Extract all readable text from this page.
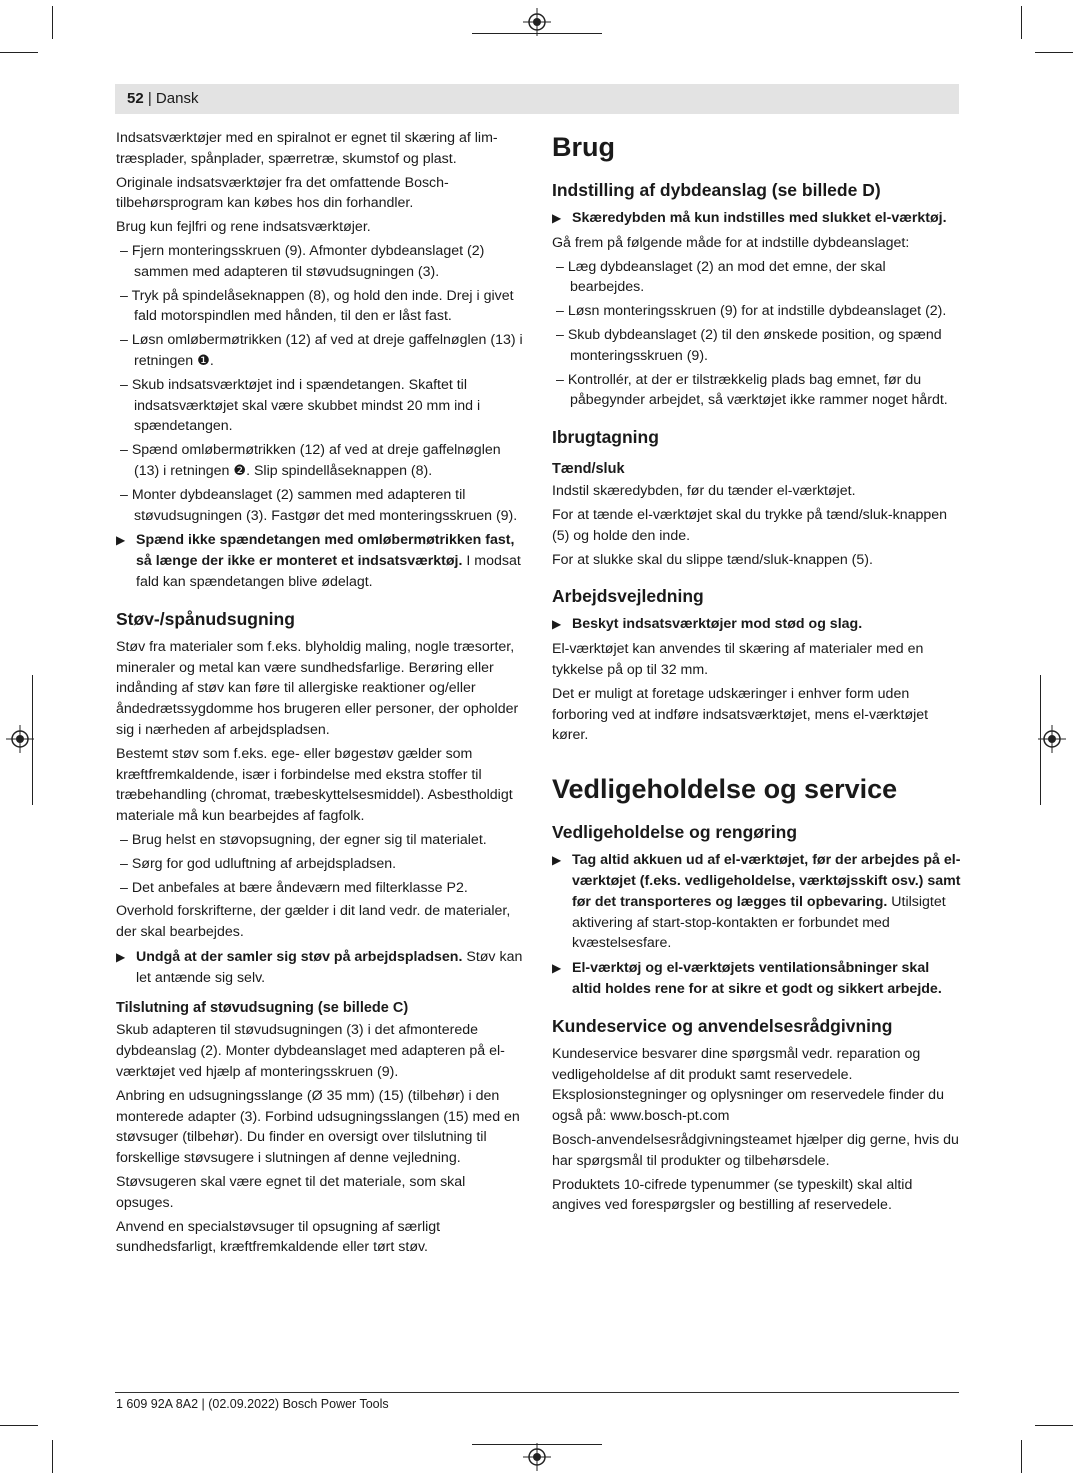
52 | Dansk

Indsatsværktøjer med en spiralnot er egnet til skæring af lim-træsplader, spånplader, spærretræ, skumstof og plast.

Originale indsatsværktøjer fra det omfattende Bosch-tilbehørsprogram kan købes hos din forhandler.

Brug kun fejlfri og rene indsatsværktøjer.

– Fjern monteringsskruen (9). Afmonter dybdeanslaget (2) sammen med adapteren til støvudsugningen (3).
– Tryk på spindelåseknappen (8), og hold den inde. Drej i givet fald motorspindlen med hånden, til den er låst fast.
– Løsn omløbermøtrikken (12) af ved at dreje gaffelnøglen (13) i retningen ❶.
– Skub indsatsværktøjet ind i spændetangen. Skaftet til indsatsværktøjet skal være skubbet mindst 20 mm ind i spændetangen.
– Spænd omløbermøtrikken (12) af ved at dreje gaffelnøglen (13) i retningen ❷. Slip spindellåseknappen (8).
– Monter dybdeanslaget (2) sammen med adapteren til støvudsugningen (3). Fastgør det med monteringsskruen (9).
▶ Spænd ikke spændetangen med omløbermøtrikken fast, så længe der ikke er monteret et indsatsværktøj. I modsat fald kan spændetangen blive ødelagt.
Støv-/spånudsugning

Støv fra materialer som f.eks. blyholdig maling, nogle træsorter, mineraler og metal kan være sundhedsfarlige. Berøring eller indånding af støv kan føre til allergiske reaktioner og/eller åndedrætssygdomme hos brugeren eller personer, der opholder sig i nærheden af arbejdspladsen.

Bestemt støv som f.eks. ege- eller bøgestøv gælder som kræftfremkaldende, især i forbindelse med ekstra stoffer til træbehandling (chromat, træbeskyttelsesmiddel). Asbestholdigt materiale må kun bearbejdes af fagfolk.

– Brug helst en støvopsugning, der egner sig til materialet.
– Sørg for god udluftning af arbejdspladsen.
– Det anbefales at bære åndeværn med filterklasse P2.

Overhold forskrifterne, der gælder i dit land vedr. de materialer, der skal bearbejdes.

▶ Undgå at der samler sig støv på arbejdspladsen. Støv kan let antænde sig selv.
Tilslutning af støvudsugning (se billede C)

Skub adapteren til støvudsugningen (3) i det afmonterede dybdeanslag (2). Monter dybdeanslaget med adapteren på el-værktøjet ved hjælp af monteringsskruen (9).

Anbring en udsugningsslange (Ø 35 mm) (15) (tilbehør) i den monterede adapter (3). Forbind udsugningsslangen (15) med en støvsuger (tilbehør). Du finder en oversigt over tilslutning til forskellige støvsugere i slutningen af denne vejledning.

Støvsugeren skal være egnet til det materiale, som skal opsuges.

Anvend en specialstøvsuger til opsugning af særligt sundhedsfarligt, kræftfremkaldende eller tørt støv.

Brug
Indstilling af dybdeanslag (se billede D)
▶ Skæredybden må kun indstilles med slukket el-værktøj.

Gå frem på følgende måde for at indstille dybdeanslaget:

– Læg dybdeanslaget (2) an mod det emne, der skal bearbejdes.
– Løsn monteringsskruen (9) for at indstille dybdeanslaget (2).
– Skub dybdeanslaget (2) til den ønskede position, og spænd monteringsskruen (9).
– Kontrollér, at der er tilstrækkelig plads bag emnet, før du påbegynder arbejdet, så værktøjet ikke rammer noget hårdt.
Ibrugtagning
Tænd/sluk

Indstil skæredybden, før du tænder el-værktøjet.

For at tænde el-værktøjet skal du trykke på tænd/sluk-knappen (5) og holde den inde.

For at slukke skal du slippe tænd/sluk-knappen (5).

Arbejdsvejledning
▶ Beskyt indsatsværktøjer mod stød og slag.

El-værktøjet kan anvendes til skæring af materialer med en tykkelse på op til 32 mm.

Det er muligt at foretage udskæringer i enhver form uden forboring ved at indføre indsatsværktøjet, mens el-værktøjet kører.

Vedligeholdelse og service
Vedligeholdelse og rengøring
▶ Tag altid akkuen ud af el-værktøjet, før der arbejdes på el-værktøjet (f.eks. vedligeholdelse, værktøjsskift osv.) samt før det transporteres og lægges til opbevaring. Utilsigtet aktivering af start-stop-kontakten er forbundet med kvæstelsesfare.
▶ El-værktøj og el-værktøjets ventilationsåbninger skal altid holdes rene for at sikre et godt og sikkert arbejde.
Kundeservice og anvendelsesrådgivning

Kundeservice besvarer dine spørgsmål vedr. reparation og vedligeholdelse af dit produkt samt reservedele. Eksplosionstegninger og oplysninger om reservedele finder du også på: www.bosch-pt.com

Bosch-anvendelsesrådgivningsteamet hjælper dig gerne, hvis du har spørgsmål til produkter og tilbehørsdele.

Produktets 10-cifrede typenummer (se typeskilt) skal altid angives ved forespørgsler og bestilling af reservedele.

1 609 92A 8A2 | (02.09.2022) Bosch Power Tools
